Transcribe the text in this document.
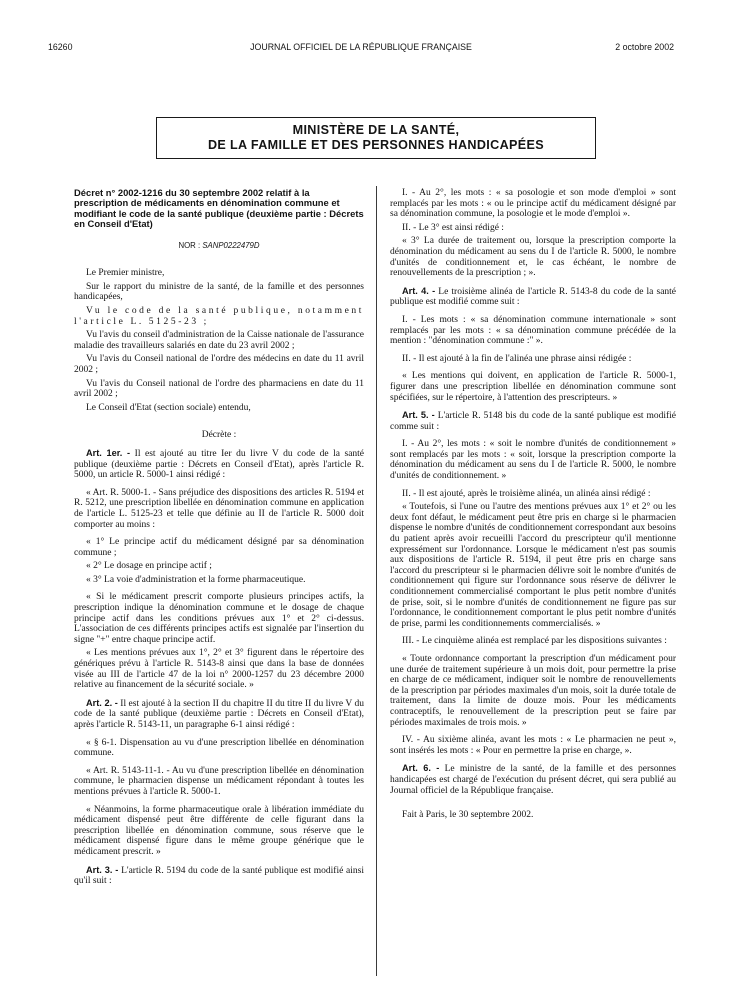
16260	JOURNAL OFFICIEL DE LA RÉPUBLIQUE FRANÇAISE	2 octobre 2002
MINISTÈRE DE LA SANTÉ,
DE LA FAMILLE ET DES PERSONNES HANDICAPÉES
Décret n° 2002-1216 du 30 septembre 2002 relatif à la prescription de médicaments en dénomination commune et modifiant le code de la santé publique (deuxième partie : Décrets en Conseil d'Etat)
NOR : SANP0222479D

Le Premier ministre,

Sur le rapport du ministre de la santé, de la famille et des personnes handicapées,

Vu le code de la santé publique, notamment l'article L. 5125-23 ;

Vu l'avis du conseil d'administration de la Caisse nationale de l'assurance maladie des travailleurs salariés en date du 23 avril 2002 ;

Vu l'avis du Conseil national de l'ordre des médecins en date du 11 avril 2002 ;

Vu l'avis du Conseil national de l'ordre des pharmaciens en date du 11 avril 2002 ;

Le Conseil d'Etat (section sociale) entendu,

Décrète :

Art. 1er. - Il est ajouté au titre Ier du livre V du code de la santé publique (deuxième partie : Décrets en Conseil d'Etat), après l'article R. 5000, un article R. 5000-1 ainsi rédigé :

« Art. R. 5000-1. - Sans préjudice des dispositions des articles R. 5194 et R. 5212, une prescription libellée en dénomination commune en application de l'article L. 5125-23 et telle que définie au II de l'article R. 5000 doit comporter au moins :

« 1° Le principe actif du médicament désigné par sa dénomination commune ;

« 2° Le dosage en principe actif ;

« 3° La voie d'administration et la forme pharmaceutique.

« Si le médicament prescrit comporte plusieurs principes actifs, la prescription indique la dénomination commune et le dosage de chaque principe actif dans les conditions prévues aux 1° et 2° ci-dessus. L'association de ces différents principes actifs est signalée par l'insertion du signe "+" entre chaque principe actif.

« Les mentions prévues aux 1°, 2° et 3° figurent dans le répertoire des génériques prévu à l'article R. 5143-8 ainsi que dans la base de données visée au III de l'article 47 de la loi n° 2000-1257 du 23 décembre 2000 relative au financement de la sécurité sociale. »

Art. 2. - Il est ajouté à la section II du chapitre II du titre II du livre V du code de la santé publique (deuxième partie : Décrets en Conseil d'Etat), après l'article R. 5143-11, un paragraphe 6-1 ainsi rédigé :

« § 6-1. Dispensation au vu d'une prescription libellée en dénomination commune.

« Art. R. 5143-11-1. - Au vu d'une prescription libellée en dénomination commune, le pharmacien dispense un médicament répondant à toutes les mentions prévues à l'article R. 5000-1.

« Néanmoins, la forme pharmaceutique orale à libération immédiate du médicament dispensé peut être différente de celle figurant dans la prescription libellée en dénomination commune, sous réserve que le médicament dispensé figure dans le même groupe générique que le médicament prescrit. »

Art. 3. - L'article R. 5194 du code de la santé publique est modifié ainsi qu'il suit :

I. - Au 2°, les mots : « sa posologie et son mode d'emploi » sont remplacés par les mots : « ou le principe actif du médicament désigné par sa dénomination commune, la posologie et le mode d'emploi ».

II. - Le 3° est ainsi rédigé :

« 3° La durée de traitement ou, lorsque la prescription comporte la dénomination du médicament au sens du I de l'article R. 5000, le nombre d'unités de conditionnement et, le cas échéant, le nombre de renouvellements de la prescription ; ».

Art. 4. - Le troisième alinéa de l'article R. 5143-8 du code de la santé publique est modifié comme suit :

I. - Les mots : « sa dénomination commune internationale » sont remplacés par les mots : « sa dénomination commune précédée de la mention : "dénomination commune :" ».

II. - Il est ajouté à la fin de l'alinéa une phrase ainsi rédigée :

« Les mentions qui doivent, en application de l'article R. 5000-1, figurer dans une prescription libellée en dénomination commune sont spécifiées, sur le répertoire, à l'attention des prescripteurs. »

Art. 5. - L'article R. 5148 bis du code de la santé publique est modifié comme suit :

I. - Au 2°, les mots : « soit le nombre d'unités de conditionnement » sont remplacés par les mots : « soit, lorsque la prescription comporte la dénomination du médicament au sens du I de l'article R. 5000, le nombre d'unités de conditionnement. »

II. - Il est ajouté, après le troisième alinéa, un alinéa ainsi rédigé :

« Toutefois, si l'une ou l'autre des mentions prévues aux 1° et 2° ou les deux font défaut, le médicament peut être pris en charge si le pharmacien dispense le nombre d'unités de conditionnement correspondant aux besoins du patient après avoir recueilli l'accord du prescripteur qu'il mentionne expressément sur l'ordonnance. Lorsque le médicament n'est pas soumis aux dispositions de l'article R. 5194, il peut être pris en charge sans l'accord du prescripteur si le pharmacien délivre soit le nombre d'unités de conditionnement qui figure sur l'ordonnance sous réserve de délivrer le conditionnement commercialisé comportant le plus petit nombre d'unités de prise, soit, si le nombre d'unités de conditionnement ne figure pas sur l'ordonnance, le conditionnement comportant le plus petit nombre d'unités de prise, parmi les conditionnements commercialisés. »

III. - Le cinquième alinéa est remplacé par les dispositions suivantes :

« Toute ordonnance comportant la prescription d'un médicament pour une durée de traitement supérieure à un mois doit, pour permettre la prise en charge de ce médicament, indiquer soit le nombre de renouvellements de la prescription par périodes maximales d'un mois, soit la durée totale de traitement, dans la limite de douze mois. Pour les médicaments contraceptifs, le renouvellement de la prescription peut se faire par périodes maximales de trois mois. »

IV. - Au sixième alinéa, avant les mots : « Le pharmacien ne peut », sont insérés les mots : « Pour en permettre la prise en charge, ».

Art. 6. - Le ministre de la santé, de la famille et des personnes handicapées est chargé de l'exécution du présent décret, qui sera publié au Journal officiel de la République française.

Fait à Paris, le 30 septembre 2002.
